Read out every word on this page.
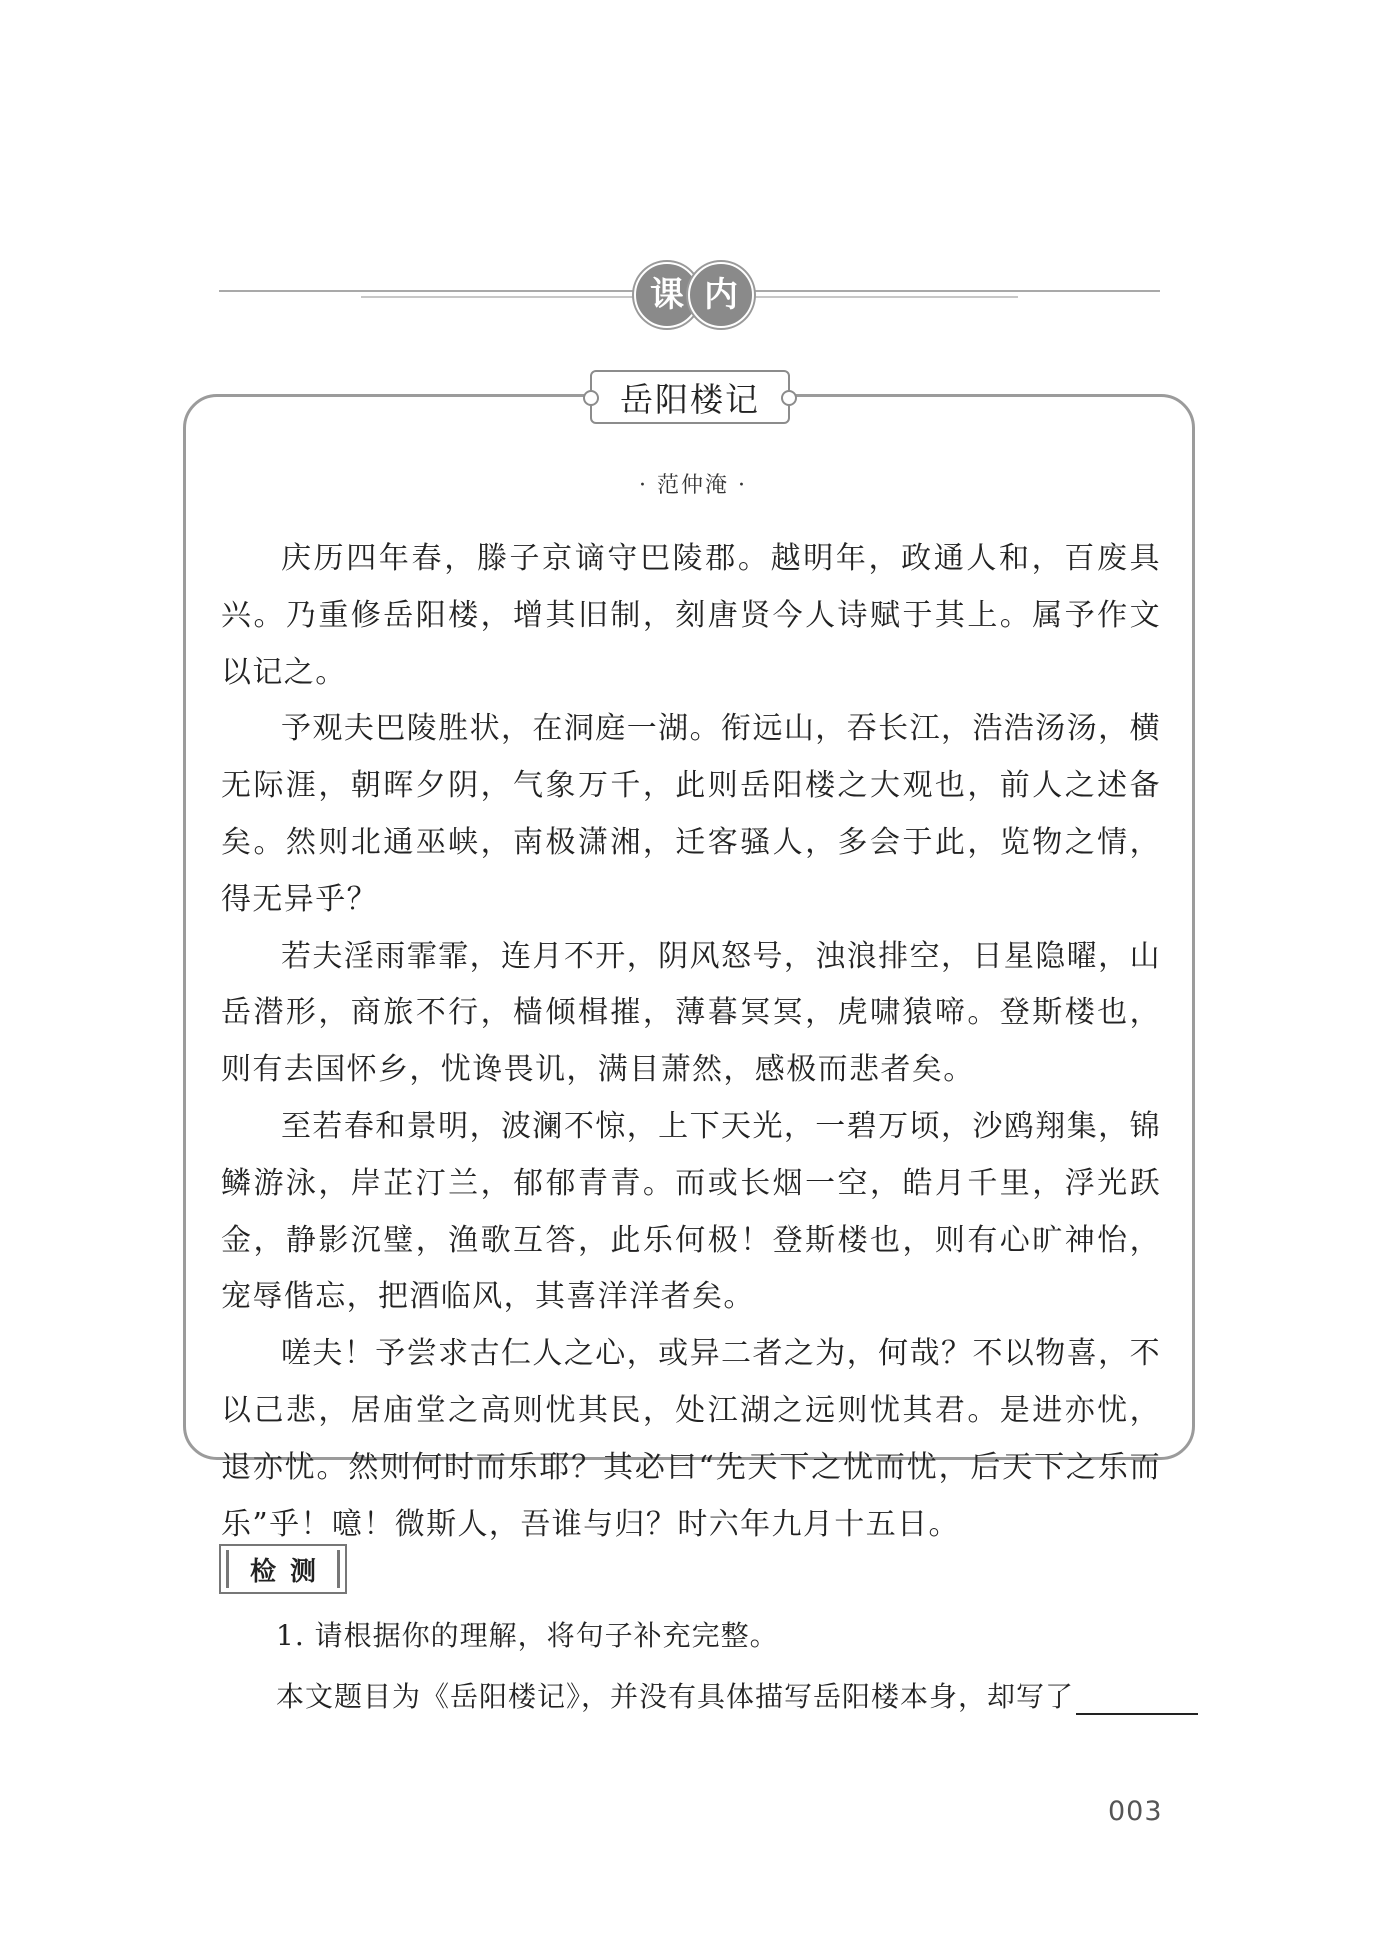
课 内
岳阳楼记
· 范仲淹 ·

庆历四年春，滕子京谪守巴陵郡。越明年，政通人和，百废具兴。乃重修岳阳楼，增其旧制，刻唐贤今人诗赋于其上。属予作文以记之。

予观夫巴陵胜状，在洞庭一湖。衔远山，吞长江，浩浩汤汤，横无际涯，朝晖夕阴，气象万千，此则岳阳楼之大观也，前人之述备矣。然则北通巫峡，南极潇湘，迁客骚人，多会于此，览物之情，得无异乎？

若夫淫雨霏霏，连月不开，阴风怒号，浊浪排空，日星隐曜，山岳潜形，商旅不行，樯倾楫摧，薄暮冥冥，虎啸猿啼。登斯楼也，则有去国怀乡，忧谗畏讥，满目萧然，感极而悲者矣。

至若春和景明，波澜不惊，上下天光，一碧万顷，沙鸥翔集，锦鳞游泳，岸芷汀兰，郁郁青青。而或长烟一空，皓月千里，浮光跃金，静影沉璧，渔歌互答，此乐何极！登斯楼也，则有心旷神怡，宠辱偕忘，把酒临风，其喜洋洋者矣。

嗟夫！予尝求古仁人之心，或异二者之为，何哉？不以物喜，不以己悲，居庙堂之高则忧其民，处江湖之远则忧其君。是进亦忧，退亦忧。然则何时而乐耶？其必曰“先天下之忧而忧，后天下之乐而乐”乎！噫！微斯人，吾谁与归？时六年九月十五日。

检测
1. 请根据你的理解，将句子补充完整。
本文题目为《岳阳楼记》，并没有具体描写岳阳楼本身，却写了
003
